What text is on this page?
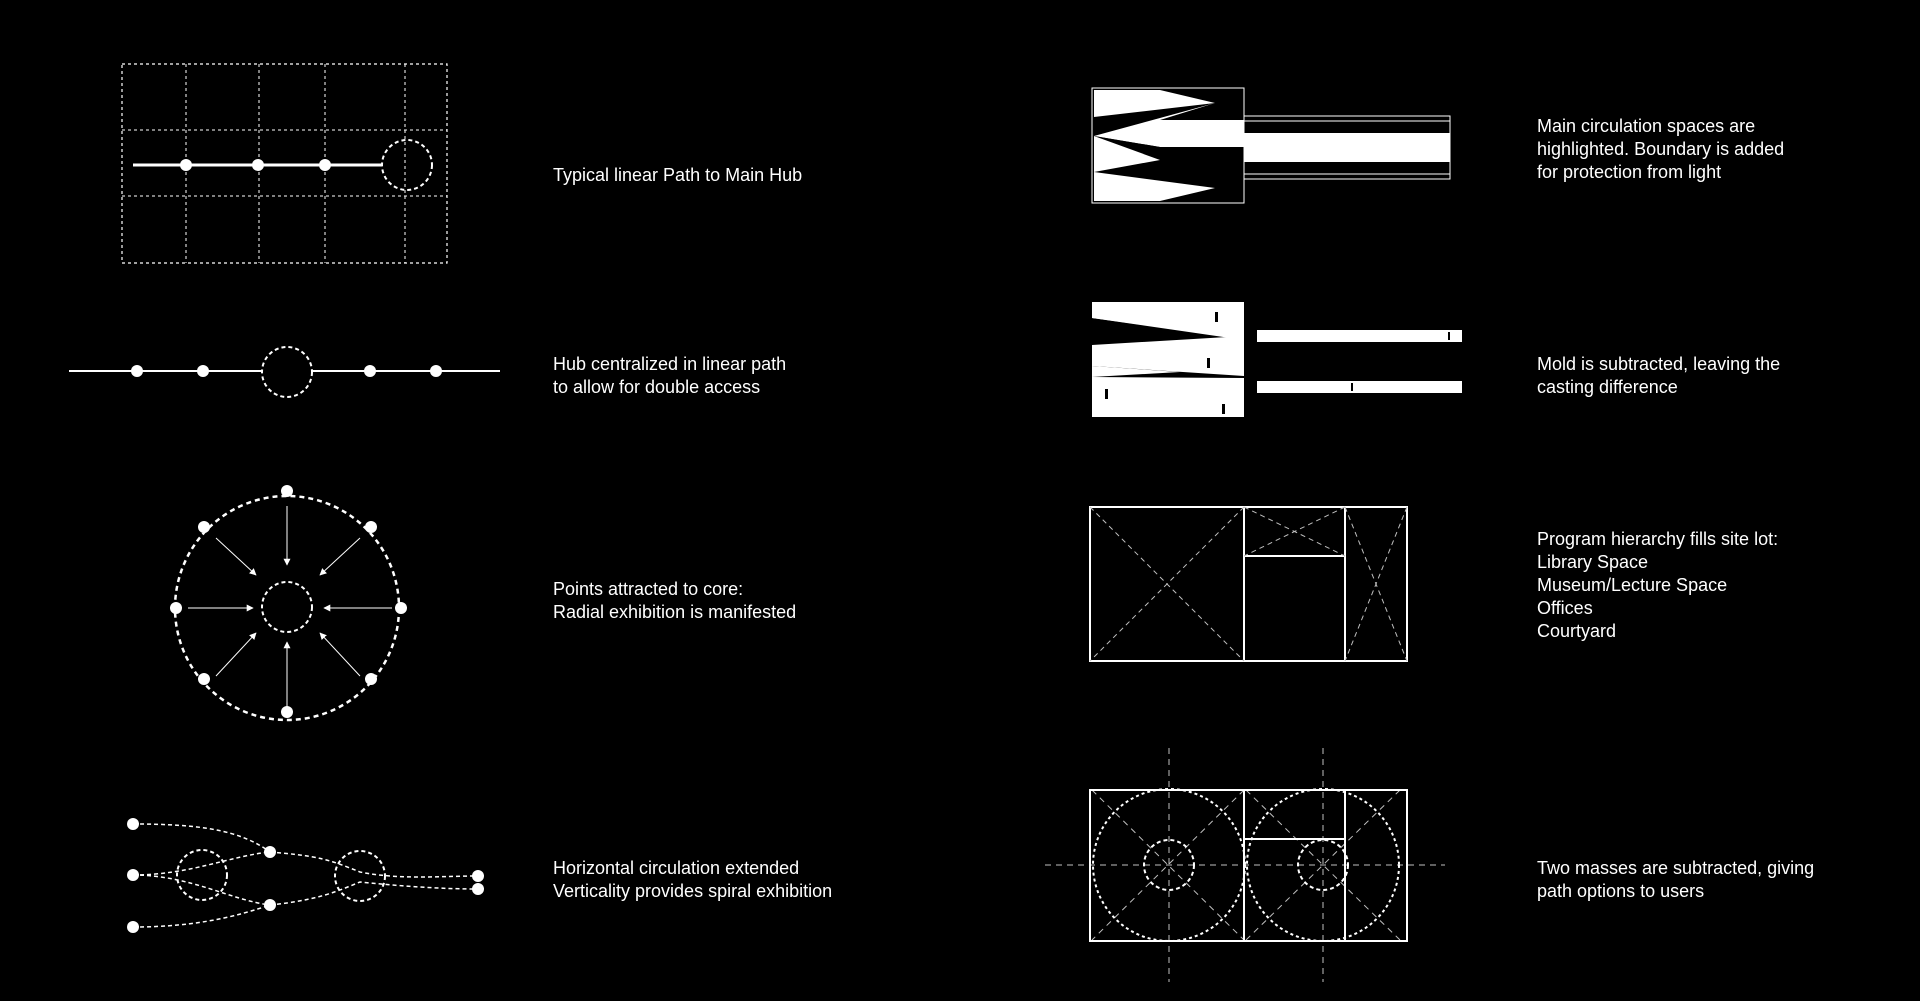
Typical linear Path to Main Hub
Hub centralized in linear path
to allow for double access
Points attracted to core:
Radial exhibition is manifested
Horizontal circulation extended
Verticality provides spiral exhibition
Main circulation spaces are
highlighted. Boundary is added
for protection from light
Mold is subtracted, leaving the
casting difference
Program hierarchy fills site lot:
Library Space
Museum/Lecture Space
Offices
Courtyard
Two masses are subtracted, giving
path options to users
